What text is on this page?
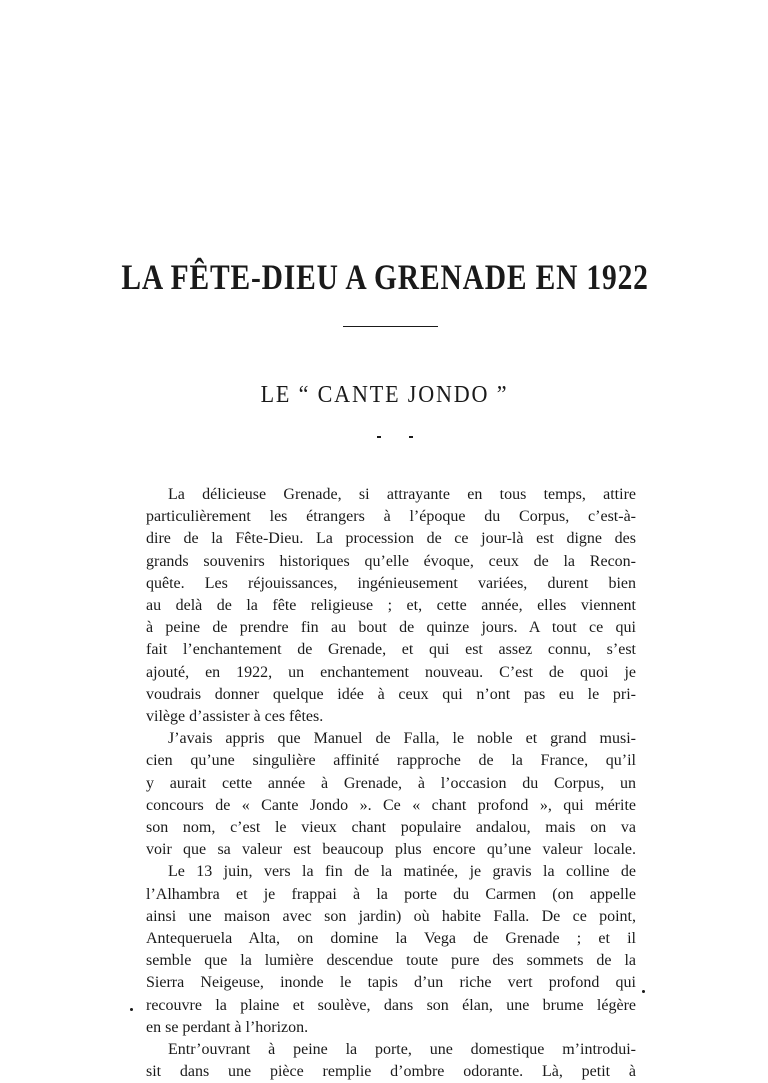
LA FÊTE-DIEU A GRENADE EN 1922
LE “ CANTE JONDO ”
La délicieuse Grenade, si attrayante en tous temps, attire
particulièrement les étrangers à l’époque du Corpus, c’est-à-
dire de la Fête-Dieu. La procession de ce jour-là est digne des
grands souvenirs historiques qu’elle évoque, ceux de la Recon-
quête. Les réjouissances, ingénieusement variées, durent bien
au delà de la fête religieuse ; et, cette année, elles viennent
à peine de prendre fin au bout de quinze jours. A tout ce qui
fait l’enchantement de Grenade, et qui est assez connu, s’est
ajouté, en 1922, un enchantement nouveau. C’est de quoi je
voudrais donner quelque idée à ceux qui n’ont pas eu le pri-
vilège d’assister à ces fêtes.
J’avais appris que Manuel de Falla, le noble et grand musi-
cien qu’une singulière affinité rapproche de la France, qu’il
y aurait cette année à Grenade, à l’occasion du Corpus, un
concours de « Cante Jondo ». Ce « chant profond », qui mérite
son nom, c’est le vieux chant populaire andalou, mais on va
voir que sa valeur est beaucoup plus encore qu’une valeur locale.
Le 13 juin, vers la fin de la matinée, je gravis la colline de
l’Alhambra et je frappai à la porte du Carmen (on appelle
ainsi une maison avec son jardin) où habite Falla. De ce point,
Antequeruela Alta, on domine la Vega de Grenade ; et il
semble que la lumière descendue toute pure des sommets de la
Sierra Neigeuse, inonde le tapis d’un riche vert profond qui
recouvre la plaine et soulève, dans son élan, une brume légère
en se perdant à l’horizon.
Entr’ouvrant à peine la porte, une domestique m’introdui-
sit dans une pièce remplie d’ombre odorante. Là, petit à
